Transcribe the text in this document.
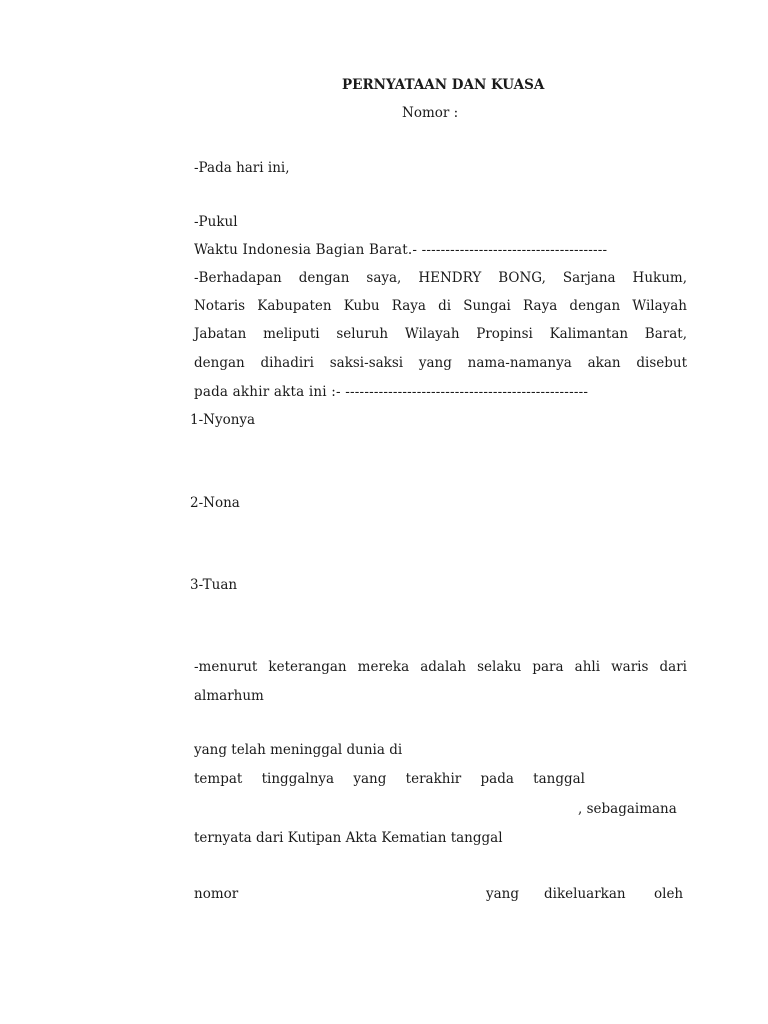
PERNYATAAN DAN KUASA
Nomor :
-Pada hari ini,
-Pukul
Waktu Indonesia Bagian Barat.- ---------------------------------------
-Berhadapan dengan saya, HENDRY BONG, Sarjana Hukum,
Notaris Kabupaten Kubu Raya di Sungai Raya dengan Wilayah
Jabatan meliputi seluruh Wilayah Propinsi Kalimantan Barat,
dengan dihadiri saksi-saksi yang nama-namanya akan disebut
pada akhir akta ini :- ---------------------------------------------------
1-Nyonya
2-Nona
3-Tuan
-menurut keterangan mereka adalah selaku para ahli waris dari
almarhum
yang telah meninggal dunia di
tempat tinggalnya yang terakhir pada tanggal
, sebagaimana
ternyata dari Kutipan Akta Kematian tanggal
nomor	yang dikeluarkan oleh
